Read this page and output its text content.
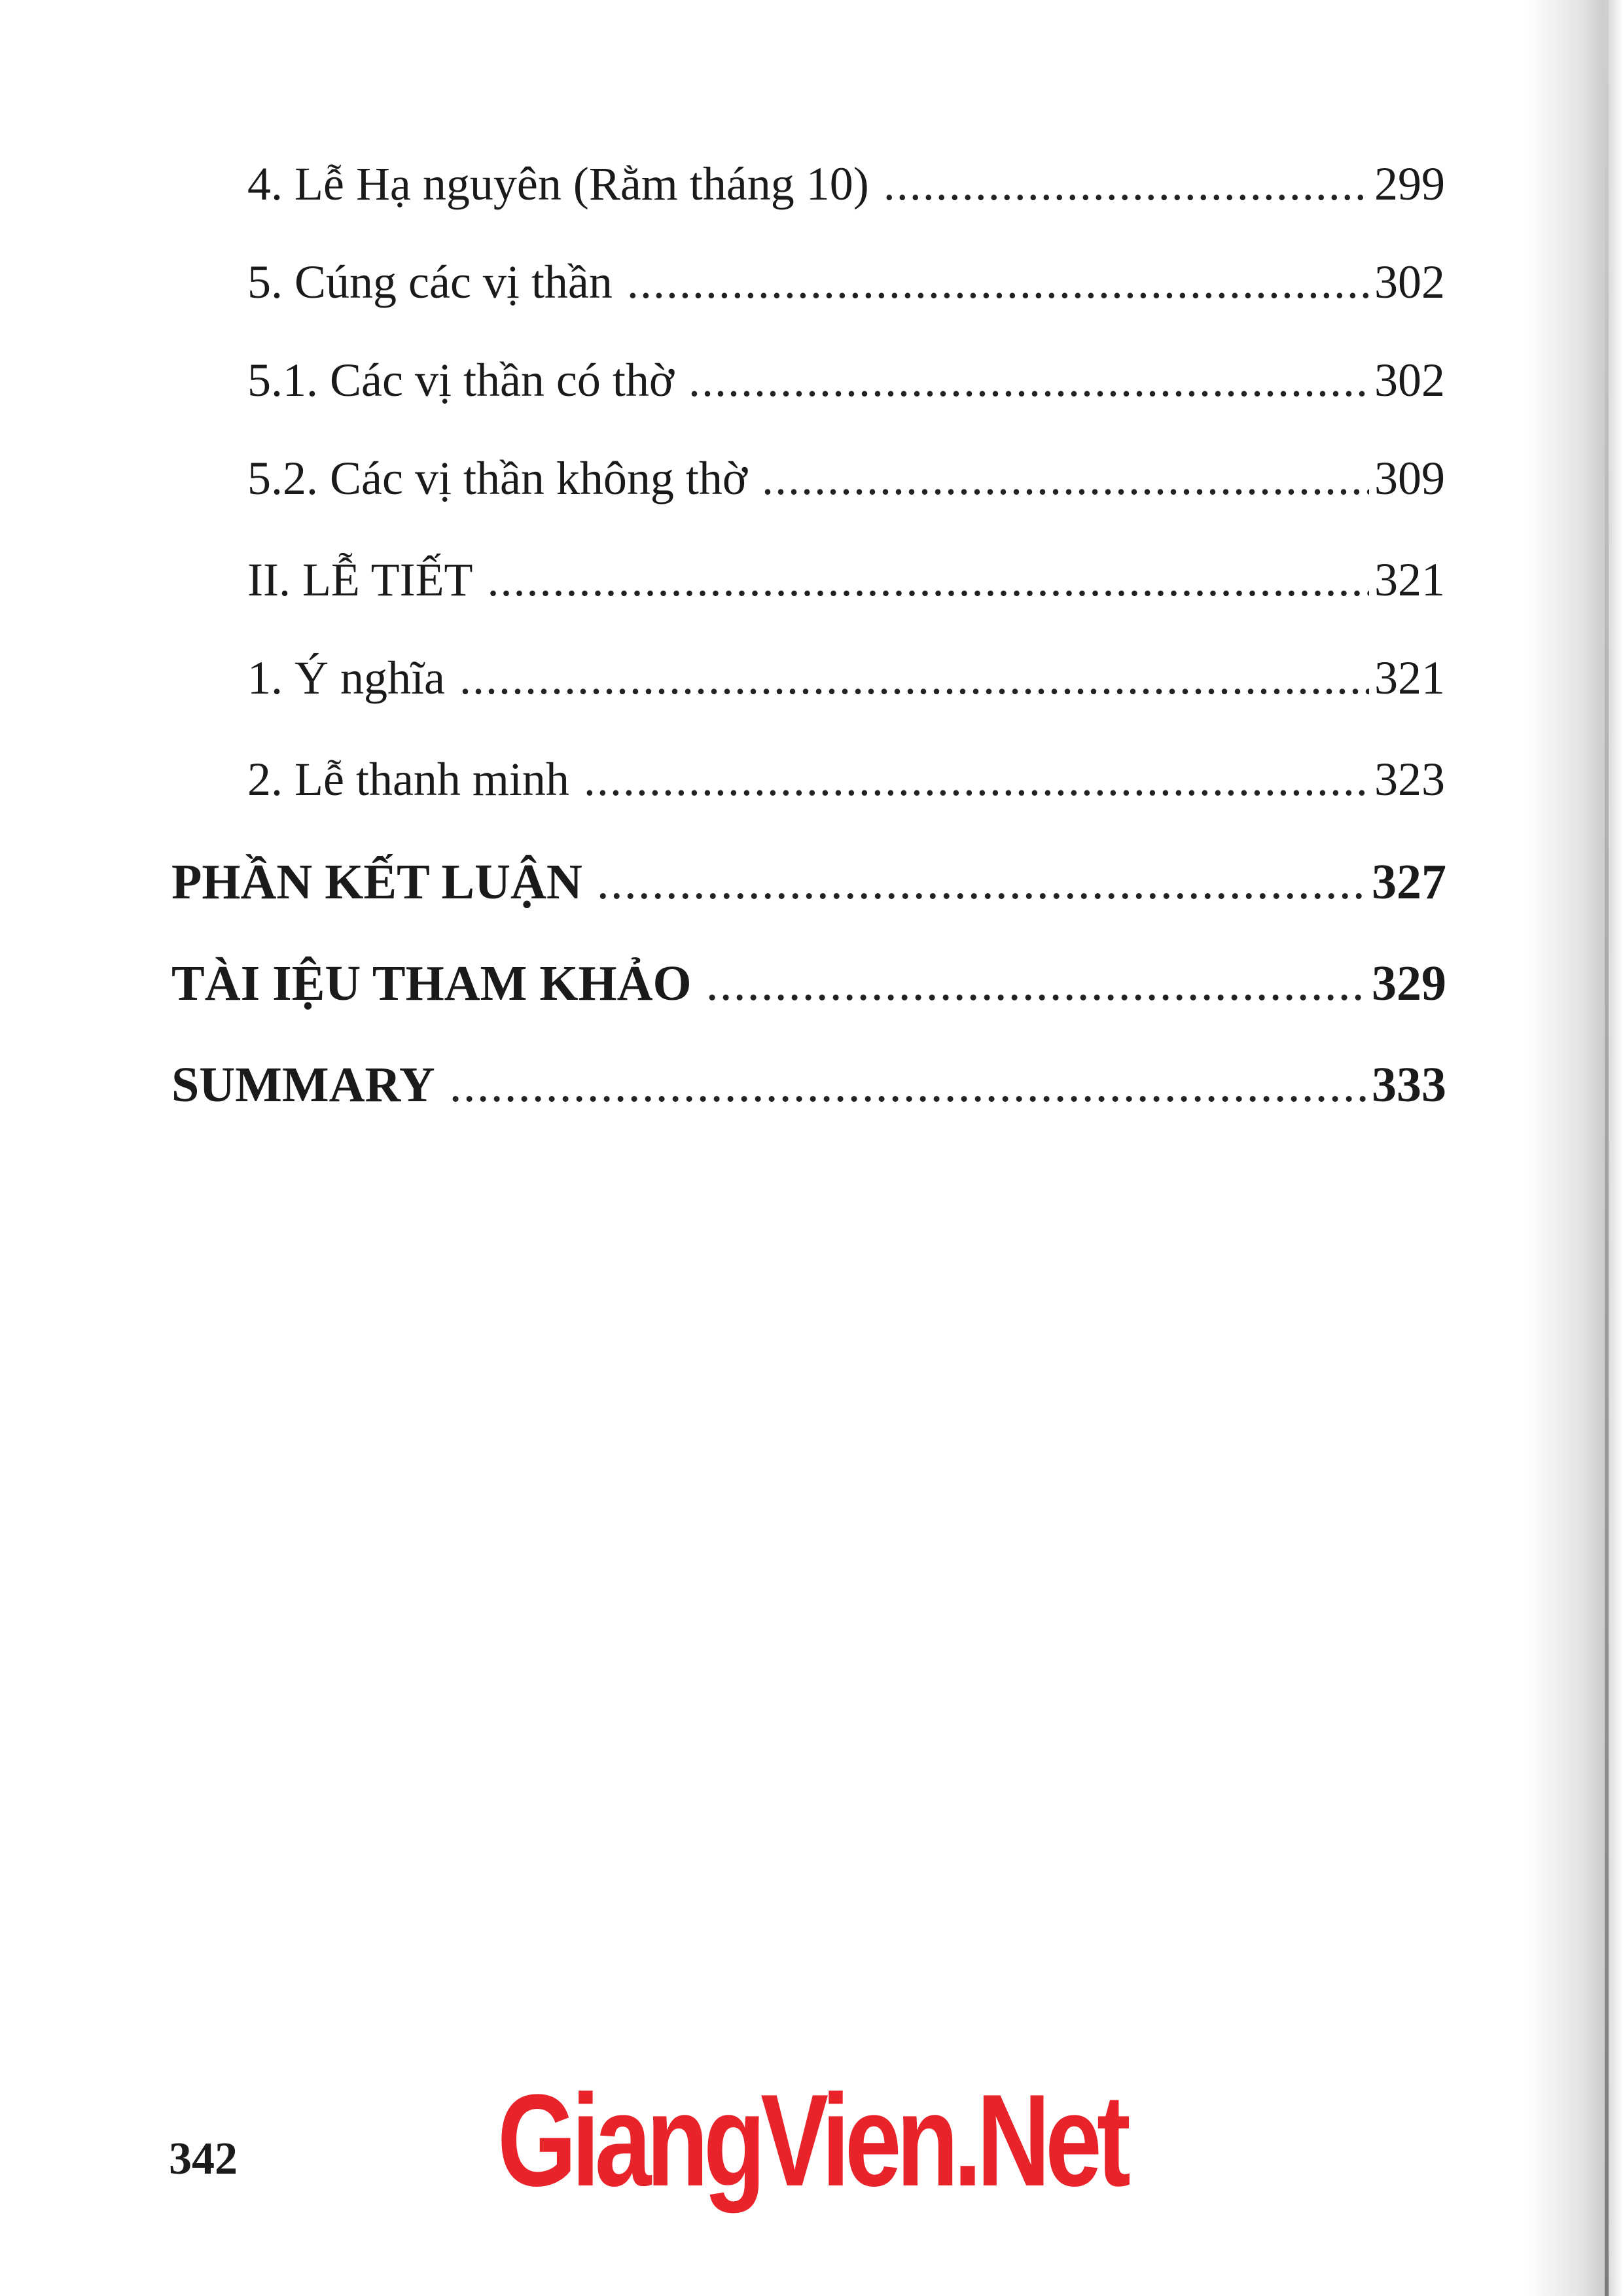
4. Lễ Hạ nguyên (Rằm tháng 10) .....	299
5. Cúng các vị thần .....	302
5.1. Các vị thần có thờ .....	302
5.2. Các vị thần không thờ .....	309
II. LỄ TIẾT .....	321
1. Ý nghĩa .....	321
2. Lễ thanh minh .....	323
PHẦN KẾT LUẬN .....	327
TÀI IỆU THAM KHẢO .....	329
SUMMARY .....	333
342 GiangVien.Net
